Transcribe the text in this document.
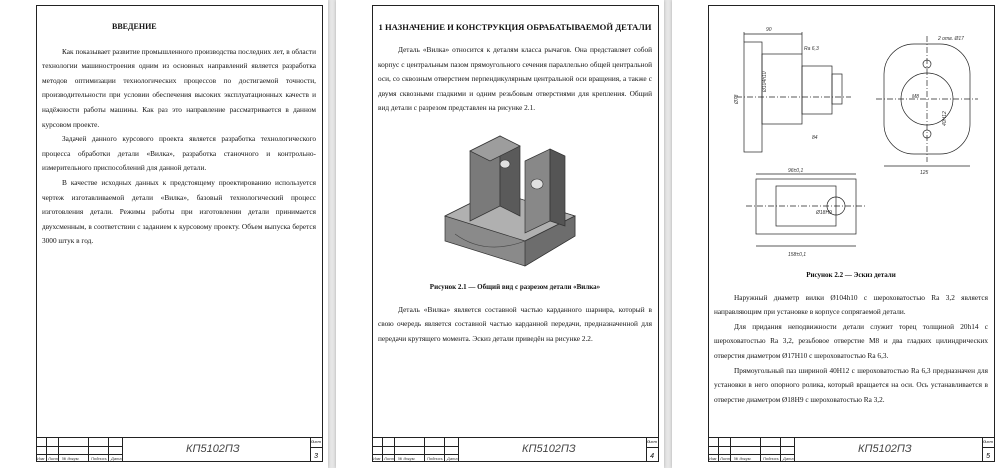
ВВЕДЕНИЕ

Как показывает развитие промышленного производства последних лет, в области технологии машиностроения одним из основных направлений является разработка методов оптимизации технологических процессов по достигаемой точности, производительности при условии обеспечения высоких эксплуатационных качеств и надёжности работы машины. Как раз это направление рассматривается в данном курсовом проекте.

Задачей данного курсового проекта является разработка технологического процесса обработки детали «Вилка», разработка станочного и контрольно-измерительного приспособлений для данной детали.

В качестве исходных данных к предстоящему проектированию используется чертеж изготавливаемой детали «Вилка», базовый технологический процесс изготовления детали. Режимы работы при изготовлении детали принимается двухсменным, в соответствии с заданием к курсовому проекту. Объем выпуска берется 3000 штук в год.

Изм Лист № докум.	Подпись Дата
КП5102ПЗ
Лист
3
1 НАЗНАЧЕНИЕ И КОНСТРУКЦИЯ ОБРАБАТЫВАЕМОЙ ДЕТАЛИ

Деталь «Вилка» относится к деталям класса рычагов. Она представляет собой корпус с центральным пазом прямоугольного сечения параллельно общей центральной оси, со сквозным отверстием перпендикулярным центральной оси вращения, а также с двумя сквозными гладкими и одним резьбовым отверстиями для крепления. Общий вид детали с разрезом представлен на рисунке 2.1.

Рисунок 2.1 — Общий вид с разрезом детали «Вилка»

Деталь «Вилка» является составной частью карданного шарнира, который в свою очередь является составной частью карданной передачи, предназначенной для передачи крутящего момента. Эскиз детали приведён на рисунке 2.2.

Изм Лист № докум.	Подпись Дата
КП5102ПЗ
Лист
4
90
Ra 6,3
Ø104h10
Ø78	М8
125
84
96±0,1
158±0,1
2 отв. Ø17
40Н12
Ø18Н9
Рисунок 2.2 — Эскиз детали

Наружный диаметр вилки Ø104h10 с шероховатостью Ra 3,2 является направляющим при установке в корпусе сопрягаемой детали.

Для придания неподвижности детали служит торец толщиной 20h14 с шероховатостью Ra 3,2, резьбовое отверстие М8 и два гладких цилиндрических отверстия диаметром Ø17Н10 с шероховатостью Ra 6,3.

Прямоугольный паз шириной 40Н12 с шероховатостью Ra 6,3 предназначен для установки в него опорного ролика, который вращается на оси. Ось устанавливается в отверстие диаметром Ø18Н9 с шероховатостью Ra 3,2.

Изм Лист № докум.	Подпись Дата
КП5102ПЗ
Лист
5
